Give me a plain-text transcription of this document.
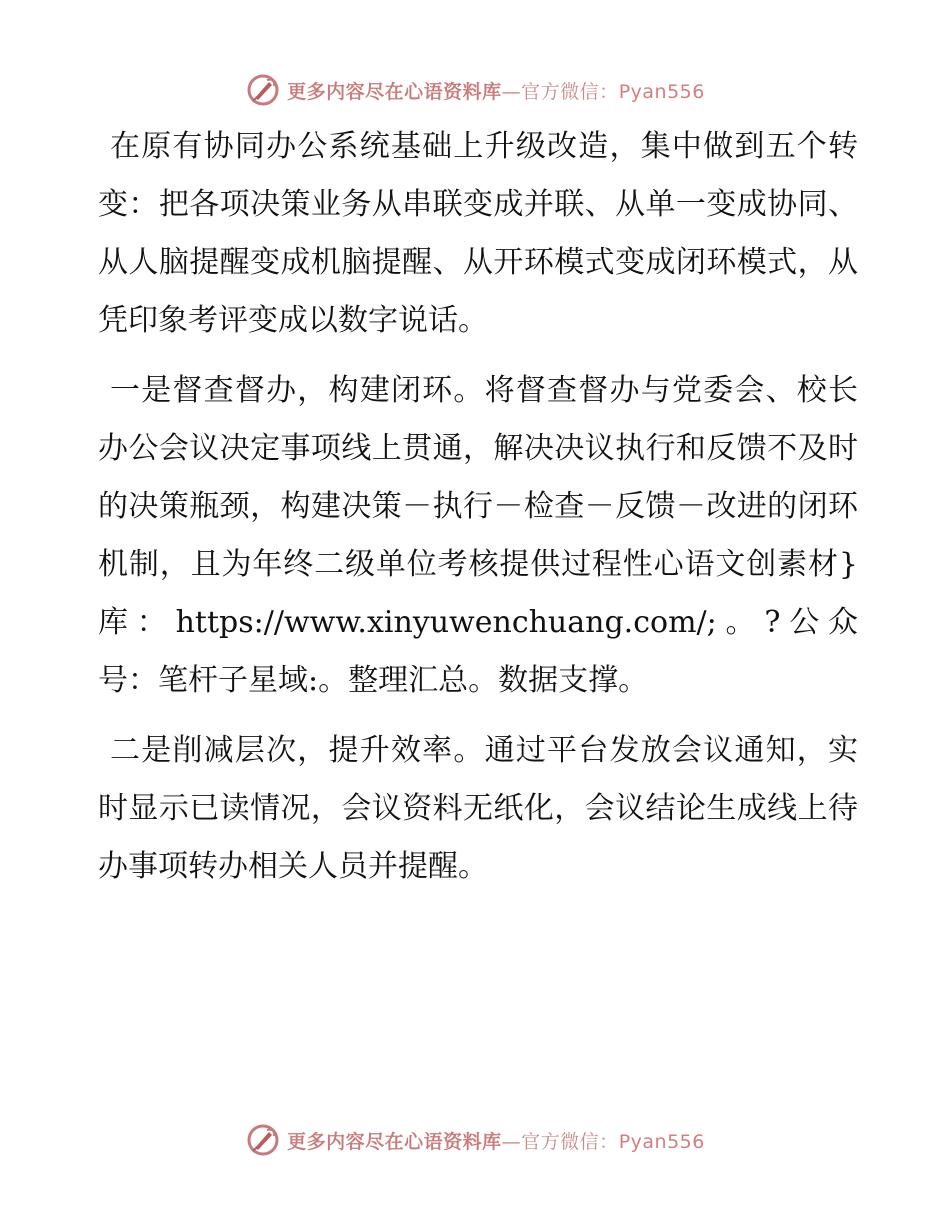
更多内容尽在心语资料库—官方微信：Pyan556

在原有协同办公系统基础上升级改造，集中做到五个转变：把各项决策业务从串联变成并联、从单一变成协同、从人脑提醒变成机脑提醒、从开环模式变成闭环模式，从凭印象考评变成以数字说话。

一是督查督办，构建闭环。将督查督办与党委会、校长办公会议决定事项线上贯通，解决决议执行和反馈不及时的决策瓶颈，构建决策－执行－检查－反馈－改进的闭环机制，且为年终二级单位考核提供过程性心语文创素材}库：https://www.xinyuwenchuang.com/;。?公众号：笔杆子星域:。整理汇总。数据支撑。

二是削减层次，提升效率。通过平台发放会议通知，实时显示已读情况，会议资料无纸化，会议结论生成线上待办事项转办相关人员并提醒。

更多内容尽在心语资料库—官方微信：Pyan556
